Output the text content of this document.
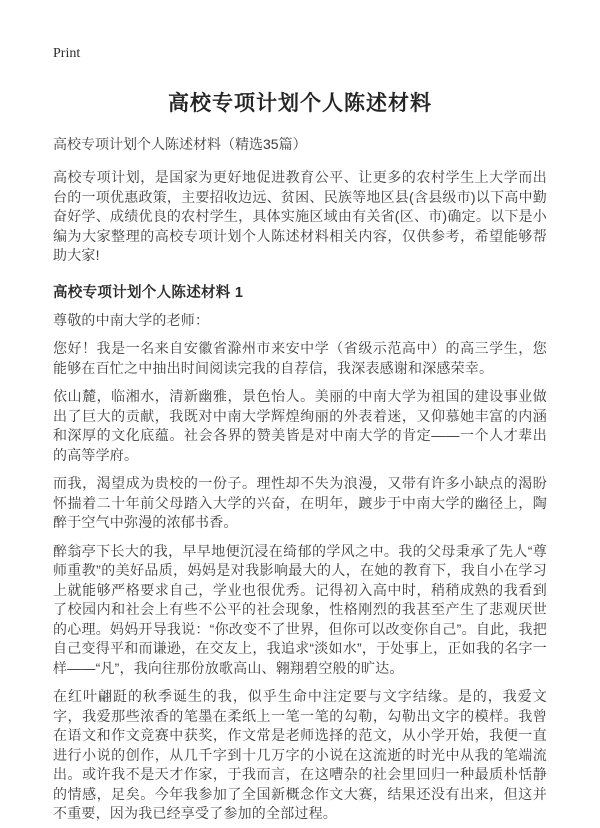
Print
高校专项计划个人陈述材料
高校专项计划个人陈述材料（精选35篇）

高校专项计划，是国家为更好地促进教育公平、让更多的农村学生上大学而出台的一项优惠政策，主要招收边远、贫困、民族等地区县(含县级市)以下高中勤奋好学、成绩优良的农村学生，具体实施区域由有关省(区、市)确定。以下是小编为大家整理的高校专项计划个人陈述材料相关内容，仅供参考，希望能够帮助大家!

高校专项计划个人陈述材料 1

尊敬的中南大学的老师：

您好！我是一名来自安徽省滁州市来安中学（省级示范高中）的高三学生，您能够在百忙之中抽出时间阅读完我的自荐信，我深表感谢和深感荣幸。

依山麓，临湘水，清新幽雅，景色怡人。美丽的中南大学为祖国的建设事业做出了巨大的贡献，我既对中南大学辉煌绚丽的外表着迷，又仰慕她丰富的内涵和深厚的文化底蕴。社会各界的赞美皆是对中南大学的肯定——一个人才辈出的高等学府。

而我，渴望成为贵校的一份子。理性却不失为浪漫，又带有许多小缺点的渴盼怀揣着二十年前父母踏入大学的兴奋，在明年，踱步于中南大学的幽径上，陶醉于空气中弥漫的浓郁书香。

醉翁亭下长大的我，早早地便沉浸在绮郁的学风之中。我的父母秉承了先人“尊师重教”的美好品质，妈妈是对我影响最大的人，在她的教育下，我自小在学习上就能够严格要求自己，学业也很优秀。记得初入高中时，稍稍成熟的我看到了校园内和社会上有些不公平的社会现象，性格刚烈的我甚至产生了悲观厌世的心理。妈妈开导我说：“你改变不了世界，但你可以改变你自己”。自此，我把自己变得平和而谦逊，在交友上，我追求“淡如水”，于处事上，正如我的名字一样——“凡”，我向往那份放歌高山、翱翔碧空般的旷达。

在红叶翩跹的秋季诞生的我，似乎生命中注定要与文字结缘。是的，我爱文字，我爱那些浓香的笔墨在柔纸上一笔一笔的勾勒，勾勒出文字的模样。我曾在语文和作文竞赛中获奖，作文常是老师选择的范文，从小学开始，我便一直进行小说的创作，从几千字到十几万字的小说在这流逝的时光中从我的笔端流出。或许我不是天才作家，于我而言，在这嘈杂的社会里回归一种最质朴恬静的情感，足矣。今年我参加了全国新概念作文大赛，结果还没有出来，但这并不重要，因为我已经享受了参加的全部过程。
